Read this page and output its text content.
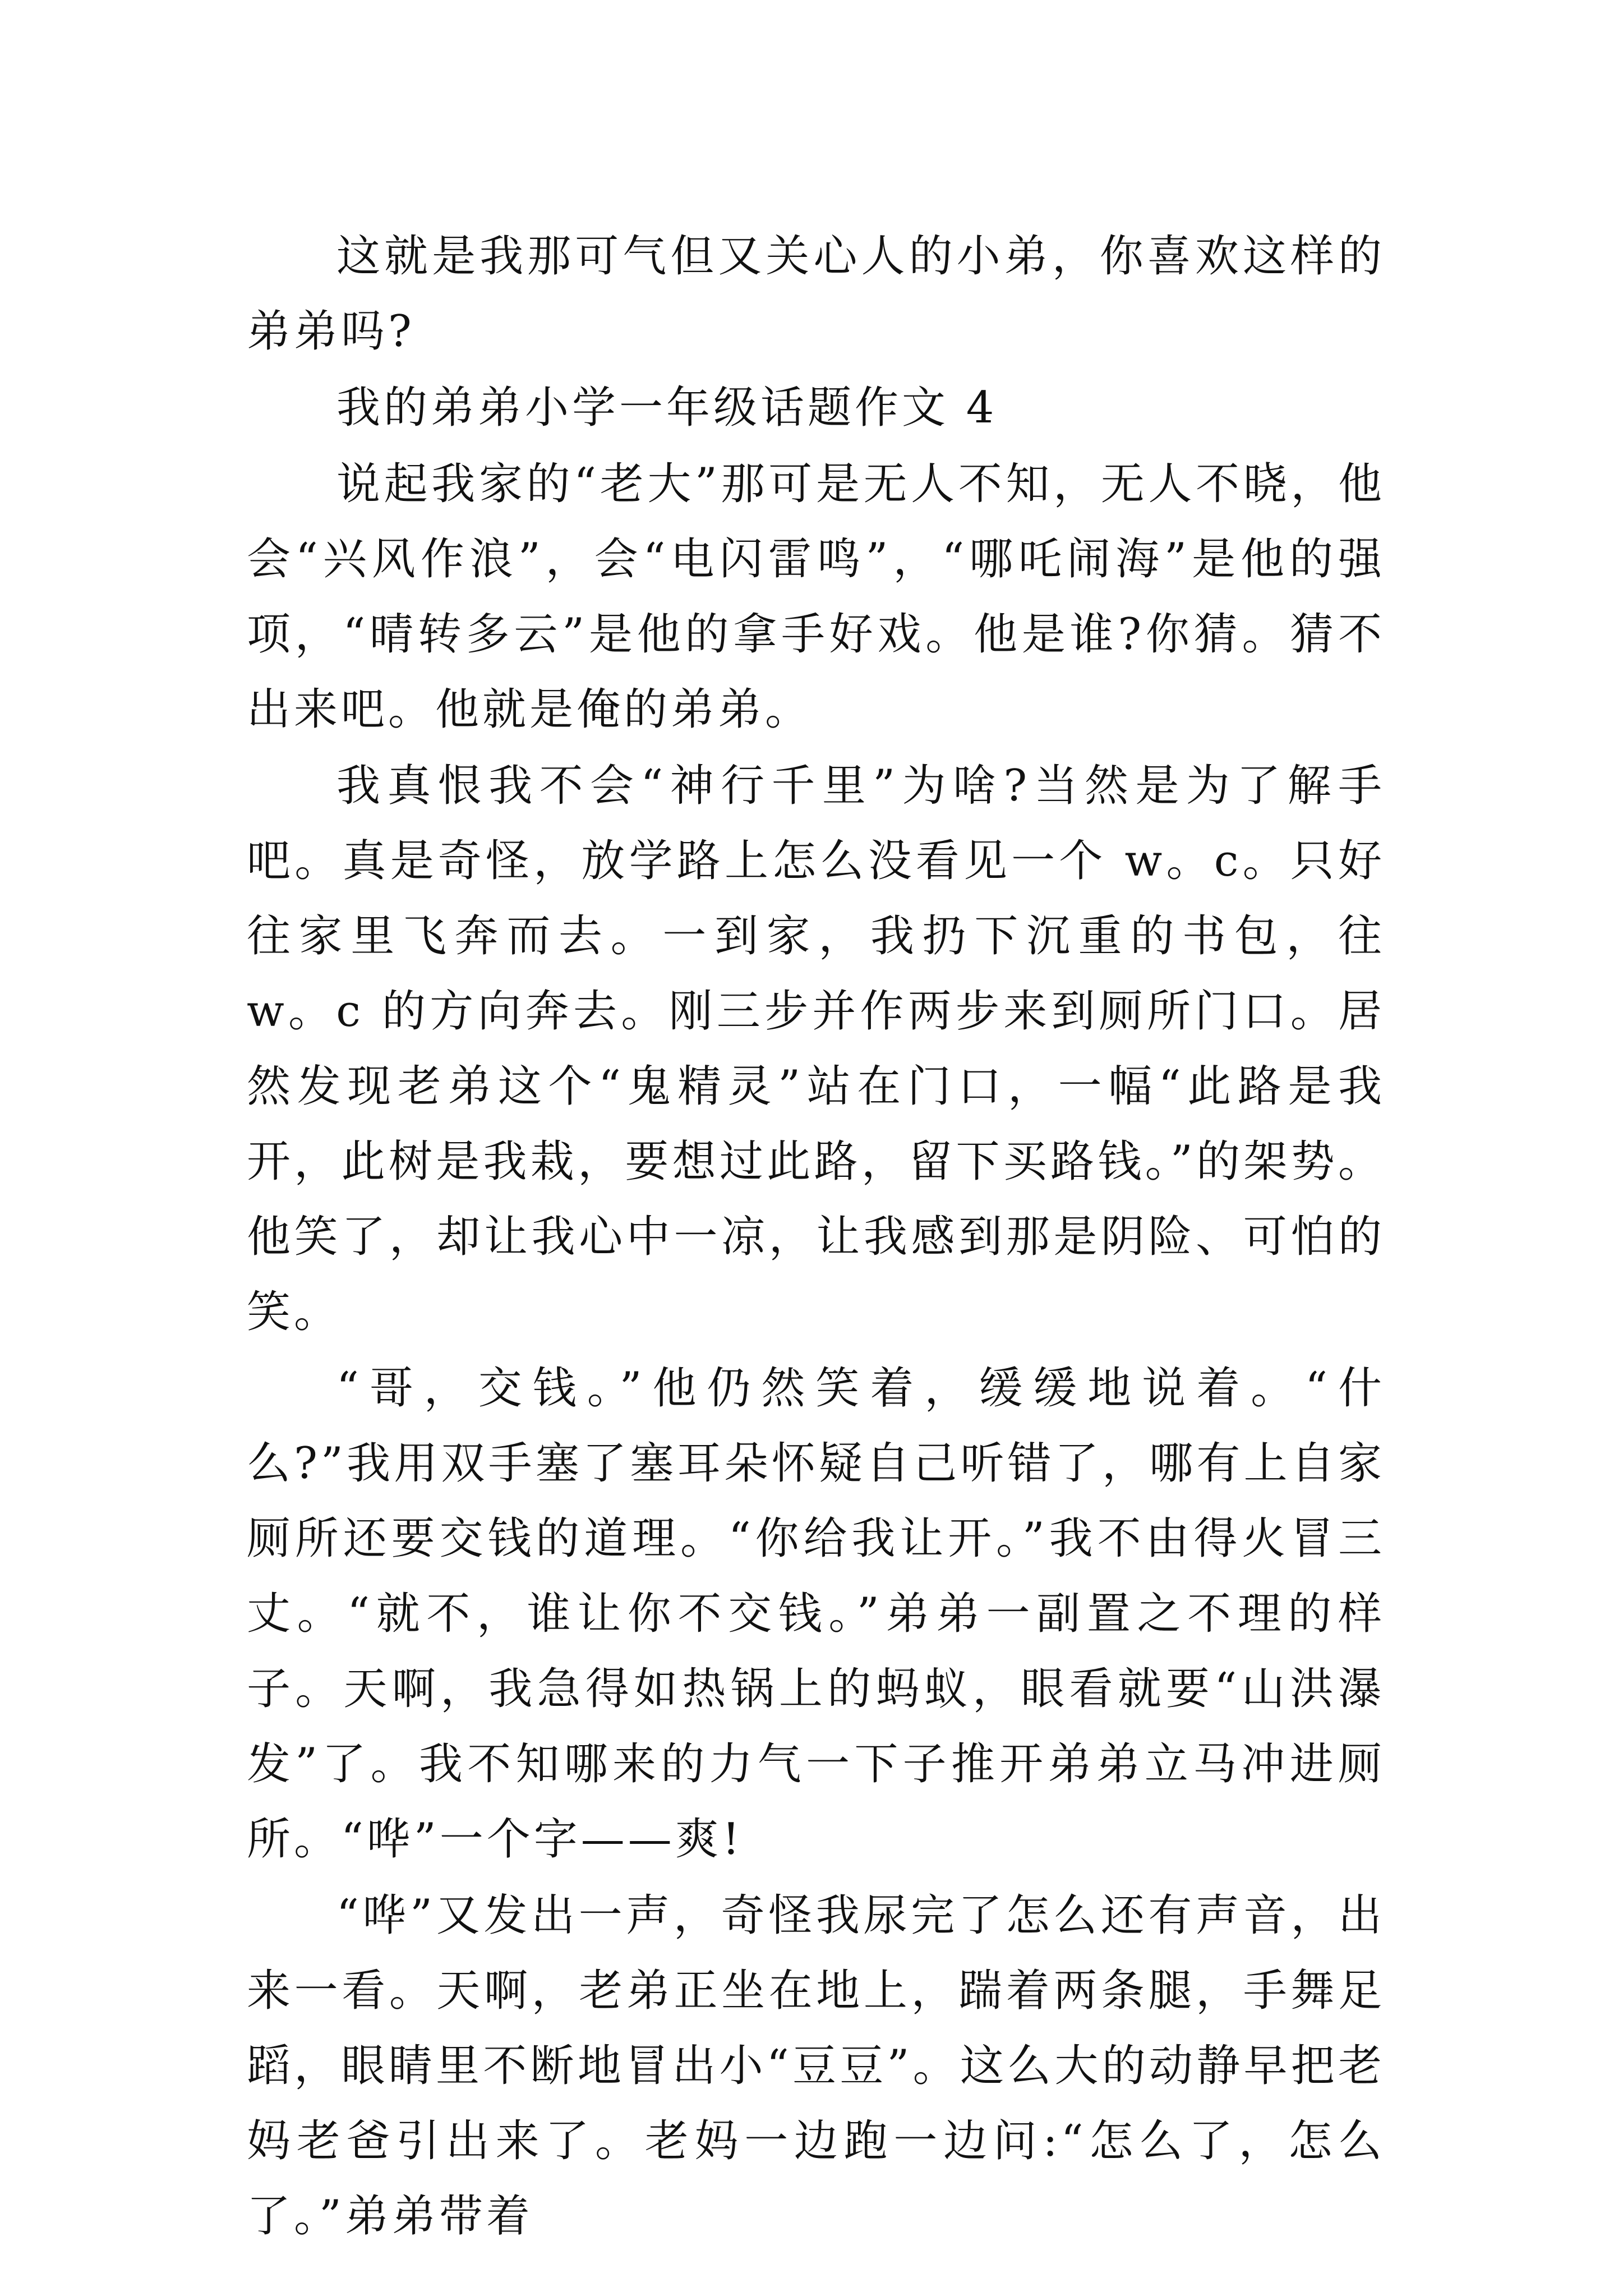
这就是我那可气但又关心人的小弟，你喜欢这样的弟弟吗?

我的弟弟小学一年级话题作文 4

说起我家的“老大”那可是无人不知，无人不晓，他会“兴风作浪”，会“电闪雷鸣”，“哪吒闹海”是他的强项，“晴转多云”是他的拿手好戏。他是谁?你猜。猜不出来吧。他就是俺的弟弟。

我真恨我不会“神行千里”为啥?当然是为了解手吧。真是奇怪，放学路上怎么没看见一个 w。c。只好往家里飞奔而去。一到家，我扔下沉重的书包，往 w。c 的方向奔去。刚三步并作两步来到厕所门口。居然发现老弟这个“鬼精灵”站在门口，一幅“此路是我开，此树是我栽，要想过此路，留下买路钱。”的架势。他笑了，却让我心中一凉，让我感到那是阴险、可怕的笑。

“哥，交钱。”他仍然笑着，缓缓地说着。“什么?”我用双手塞了塞耳朵怀疑自己听错了，哪有上自家厕所还要交钱的道理。“你给我让开。”我不由得火冒三丈。“就不，谁让你不交钱。”弟弟一副置之不理的样子。天啊，我急得如热锅上的蚂蚁，眼看就要“山洪瀑发”了。我不知哪来的力气一下子推开弟弟立马冲进厕所。“哗”一个字——爽!

“哗”又发出一声，奇怪我尿完了怎么还有声音，出来一看。天啊，老弟正坐在地上，踹着两条腿，手舞足蹈，眼睛里不断地冒出小“豆豆”。这么大的动静早把老妈老爸引出来了。老妈一边跑一边问:“怎么了，怎么了。”弟弟带着
